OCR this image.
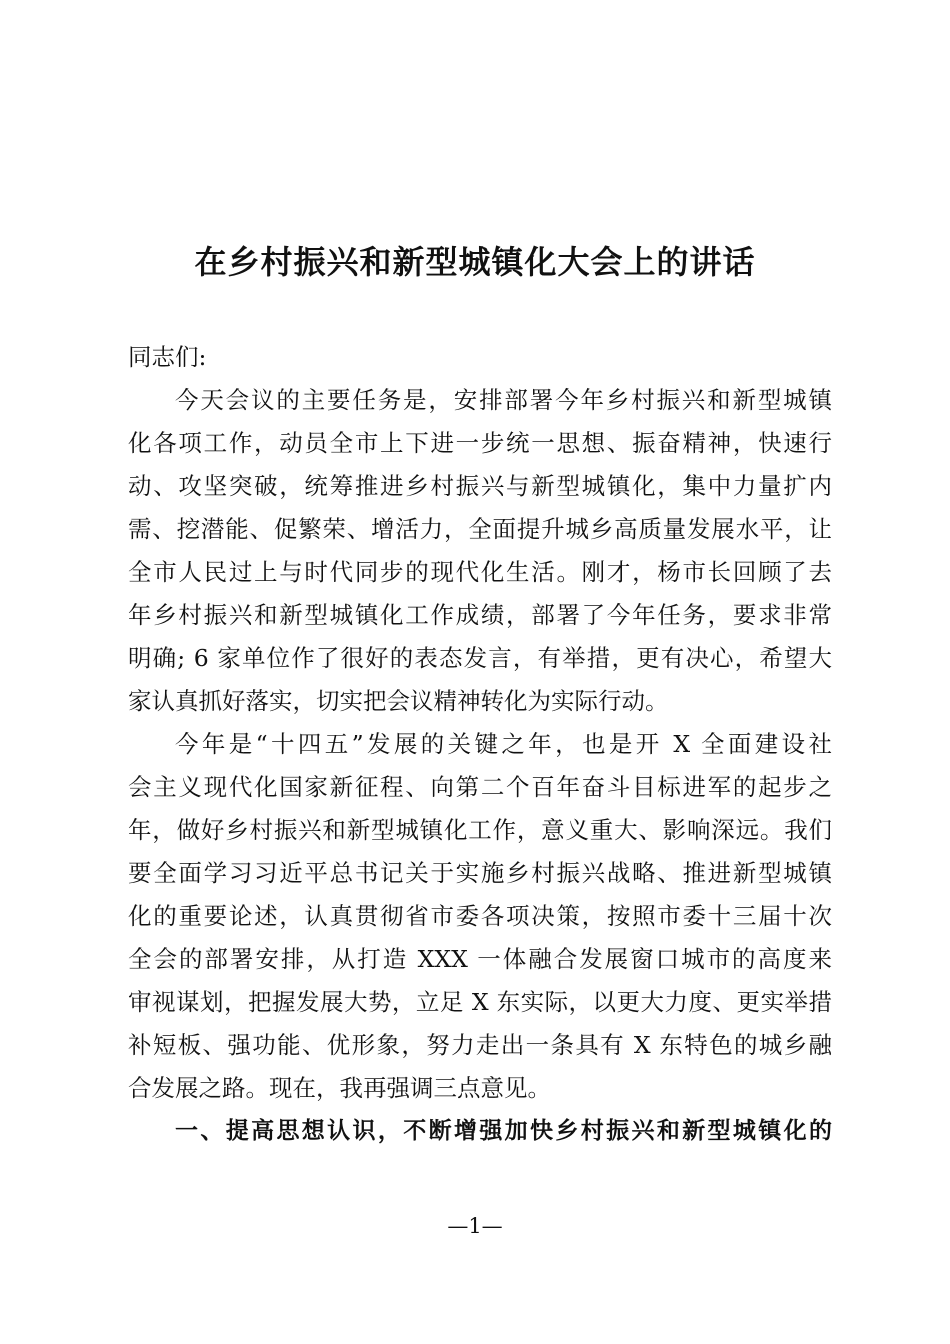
在乡村振兴和新型城镇化大会上的讲话
同志们:
今天会议的主要任务是，安排部署今年乡村振兴和新型城镇
化各项工作，动员全市上下进一步统一思想、振奋精神，快速行
动、攻坚突破，统筹推进乡村振兴与新型城镇化，集中力量扩内
需、挖潜能、促繁荣、增活力，全面提升城乡高质量发展水平，让
全市人民过上与时代同步的现代化生活。刚才，杨市长回顾了去
年乡村振兴和新型城镇化工作成绩，部署了今年任务，要求非常
明确; 6 家单位作了很好的表态发言，有举措，更有决心，希望大
家认真抓好落实，切实把会议精神转化为实际行动。
今年是“十四五”发展的关键之年，也是开 X 全面建设社
会主义现代化国家新征程、向第二个百年奋斗目标进军的起步之
年，做好乡村振兴和新型城镇化工作，意义重大、影响深远。我们
要全面学习习近平总书记关于实施乡村振兴战略、推进新型城镇
化的重要论述，认真贯彻省市委各项决策，按照市委十三届十次
全会的部署安排，从打造 XXX 一体融合发展窗口城市的高度来
审视谋划，把握发展大势，立足 X 东实际，以更大力度、更实举措
补短板、强功能、优形象，努力走出一条具有 X 东特色的城乡融
合发展之路。现在，我再强调三点意见。
一、提高思想认识，不断增强加快乡村振兴和新型城镇化的
—1—
